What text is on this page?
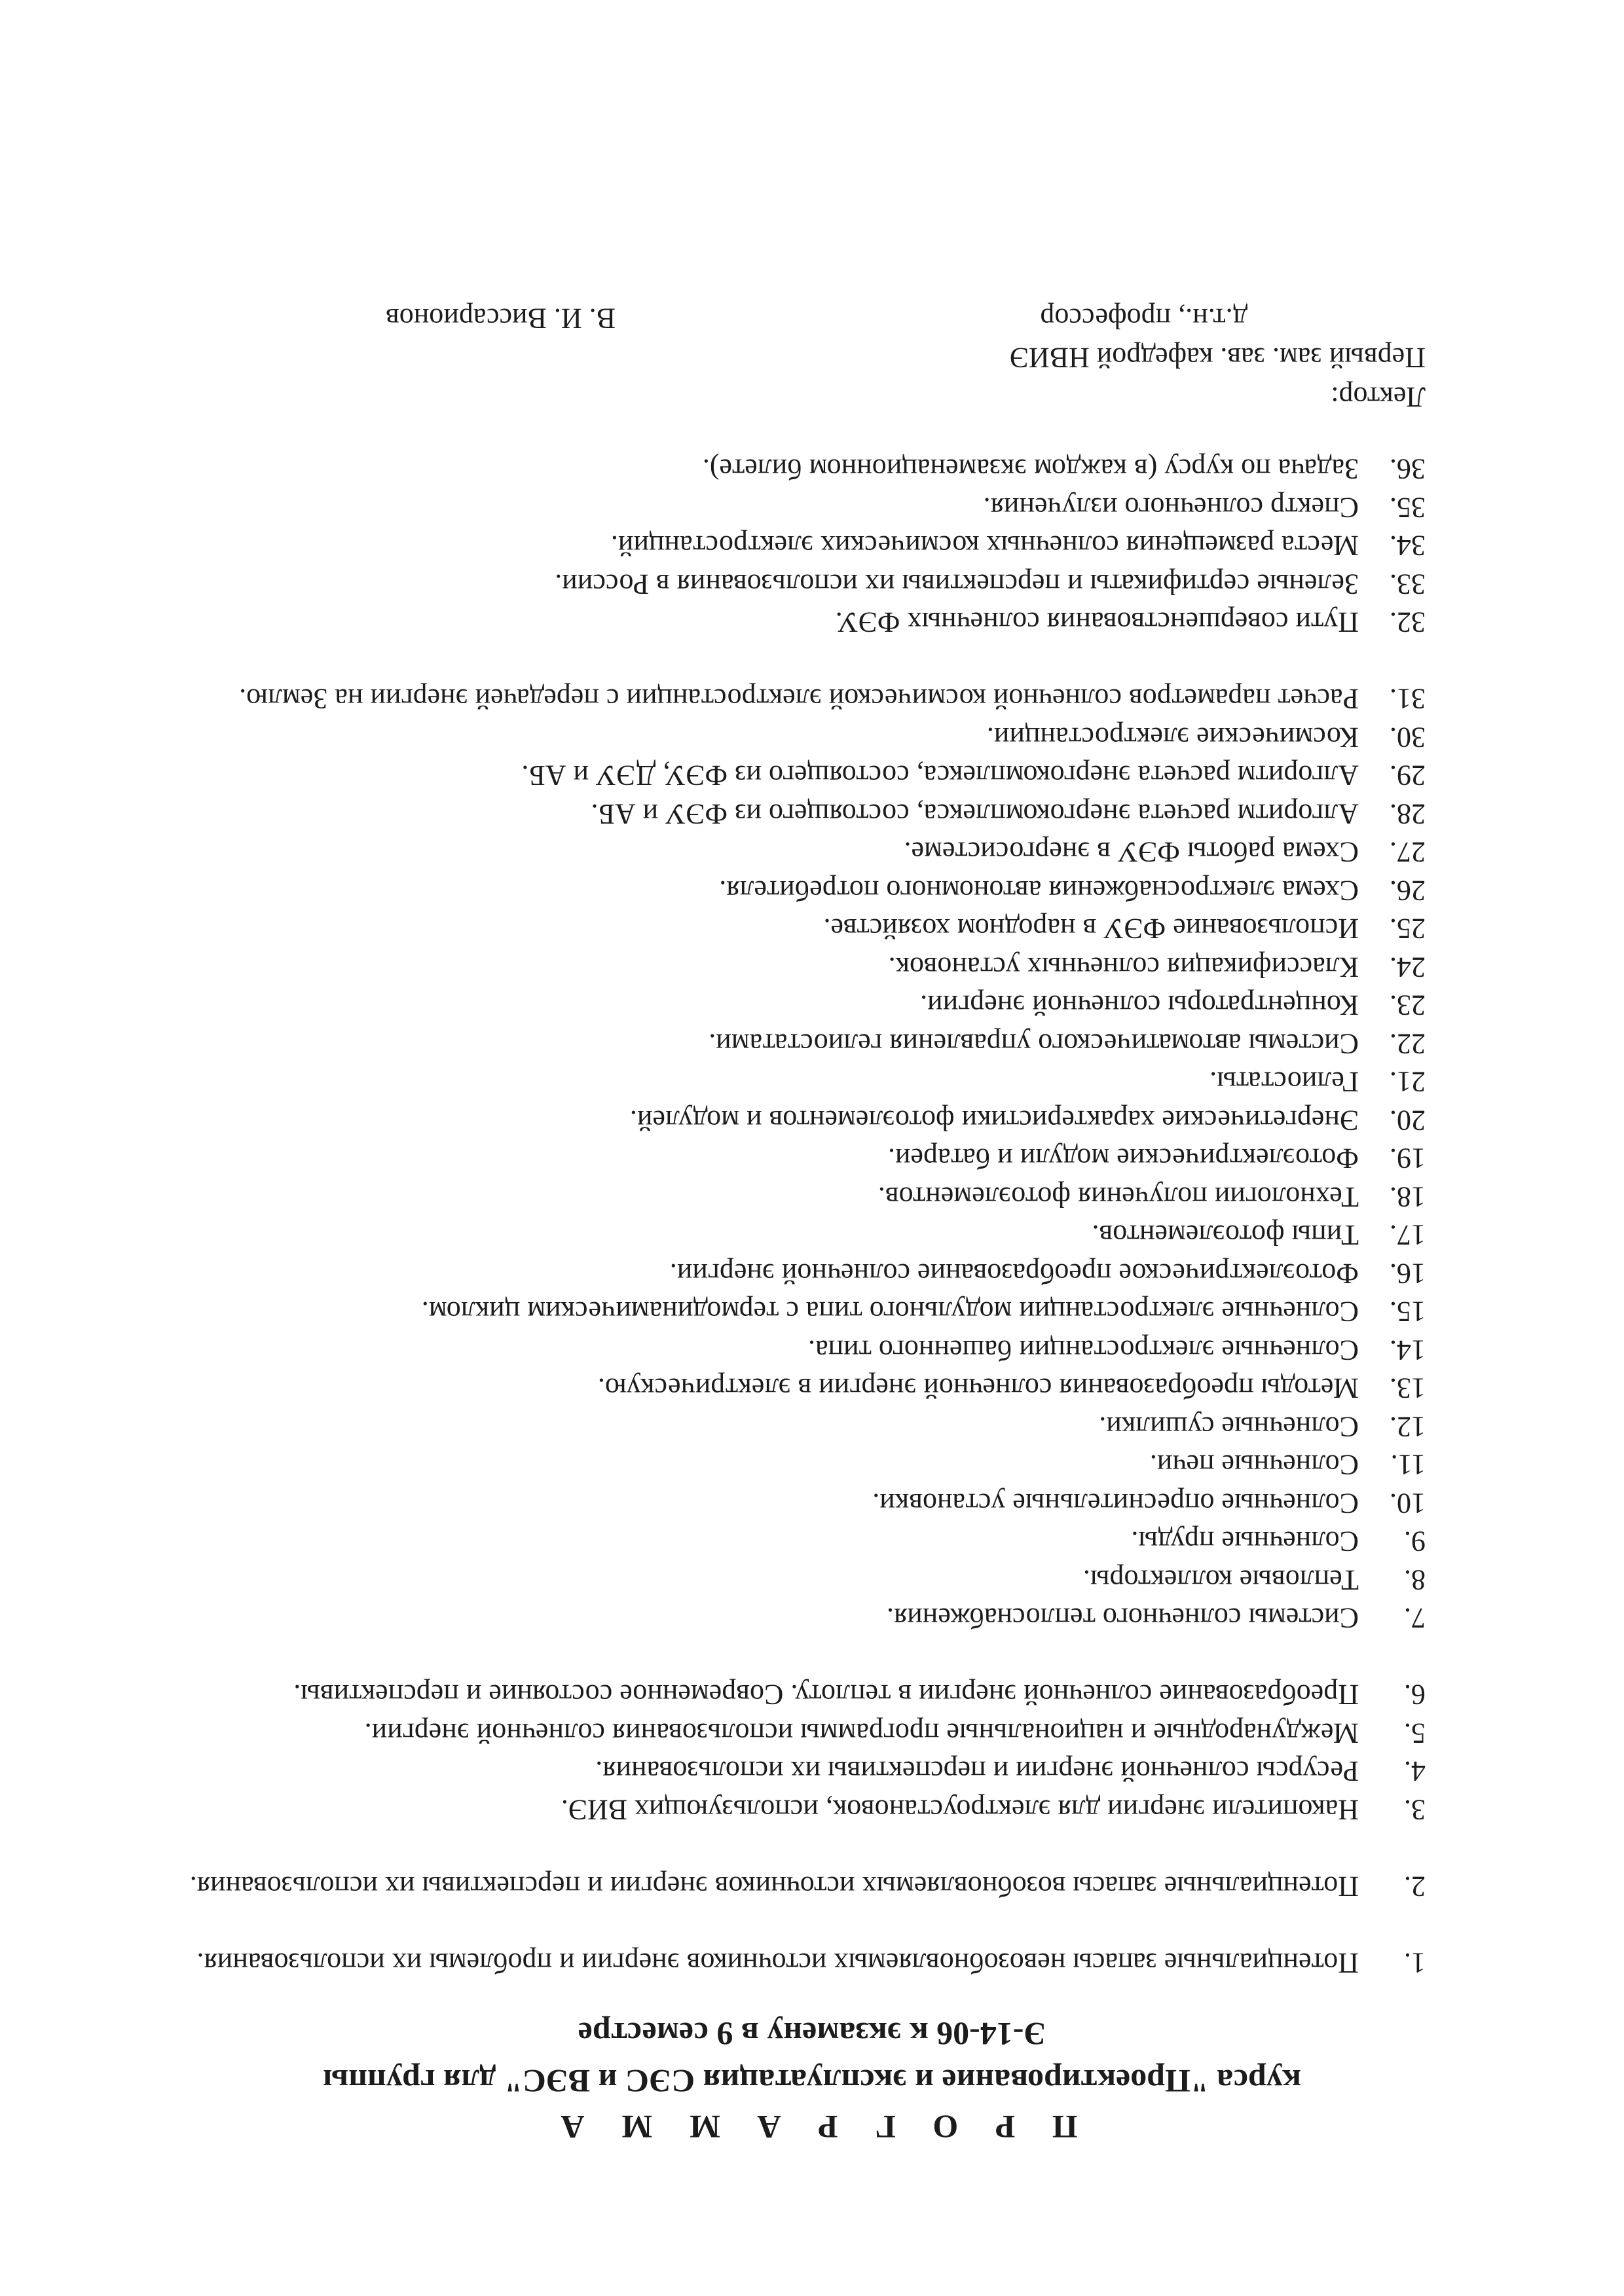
П Р О Г Р А М М А
курса "Проектирование и эксплуатация СЭС и ВЭС" для группы
Э-14-06 к экзамену в 9 семестре
1.
Потенциальные запасы невозобновляемых источников энергии и проблемы их использования.
2.
Потенциальные запасы возобновляемых источников энергии и перспективы их использования.
3.
Накопители энергии для электроустановок, использующих ВИЭ.
4.
Ресурсы солнечной энергии и перспективы их использования.
5.
Международные и национальные программы использования солнечной энергии.
6.
Преобразование солнечной энергии в теплоту. Современное состояние и перспективы.
7.
Системы солнечного теплоснабжения.
8.
Тепловые коллекторы.
9.
Солнечные пруды.
10.
Солнечные опреснительные установки.
11.
Солнечные печи.
12.
Солнечные сушилки.
13.
Методы преобразования солнечной энергии в электрическую.
14.
Солнечные электростанции башенного типа.
15.
Солнечные электростанции модульного типа с термодинамическим циклом.
16.
Фотоэлектрическое преобразование солнечной энергии.
17.
Типы фотоэлементов.
18.
Технологии получения фотоэлементов.
19.
Фотоэлектрические модули и батареи.
20.
Энергетические характеристики фотоэлементов и модулей.
21.
Гелиостаты.
22.
Системы автоматического управления гелиостатами.
23.
Концентраторы солнечной энергии.
24.
Классификация солнечных установок.
25.
Использование ФЭУ в народном хозяйстве.
26.
Схема электроснабжения автономного потребителя.
27.
Схема работы ФЭУ в энергосистеме.
28.
Алгоритм расчета энергокомплекса, состоящего из ФЭУ и АБ.
29.
Алгоритм расчета энергокомплекса, состоящего из ФЭУ, ДЭУ и АБ.
30.
Космические электростанции.
31.
Расчет параметров солнечной космической электростанции с передачей энергии на Землю.
32.
Пути совершенствования солнечных ФЭУ.
33.
Зеленые сертификаты и перспективы их использования в России.
34.
Места размещения солнечных космических электростанций.
35.
Спектр солнечного излучения.
36.
Задача по курсу (в каждом экзаменационном билете).
Лектор:
Первый зам. зав. кафедрой НВИЭ
д.т.н., профессор
В. И. Виссарионов
